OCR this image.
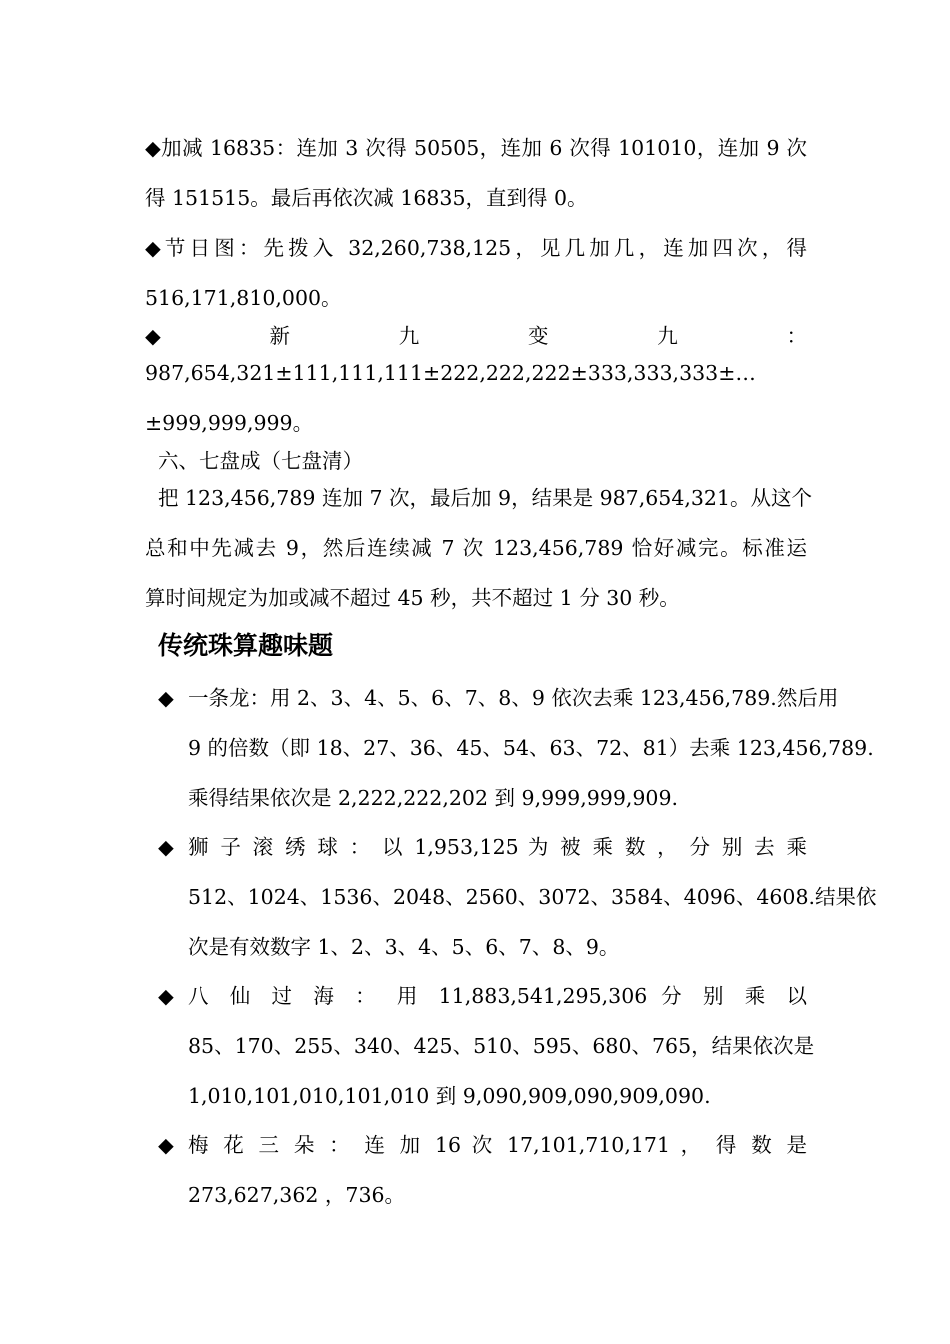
◆加减 16835：连加 3 次得 50505，连加 6 次得 101010，连加 9 次
得 151515。最后再依次减 16835，直到得 0。
◆节日图：先拨入 32,260,738,125，见几加几，连加四次，得
516,171,810,000。
◆ 新 九 变 九 ：
987,654,321±111,111,111±222,222,222±333,333,333±…
±999,999,999。
六、七盘成（七盘清）
把 123,456,789 连加 7 次，最后加 9，结果是 987,654,321。从这个
总和中先减去 9，然后连续减 7 次 123,456,789 恰好减完。标准运
算时间规定为加或减不超过 45 秒，共不超过 1 分 30 秒。
传统珠算趣味题
◆ 一条龙：用 2、3、4、5、6、7、8、9 依次去乘 123,456,789.然后用
9 的倍数（即 18、27、36、45、54、63、72、81）去乘 123,456,789.
乘得结果依次是 2,222,222,202 到 9,999,999,909.
◆ 狮 子 滚 绣 球 ： 以 1,953,125 为 被 乘 数 ， 分 别 去 乘
512、1024、1536、2048、2560、3072、3584、4096、4608.结果依
次是有效数字 1、2、3、4、5、6、7、8、9。
◆ 八 仙 过 海 ： 用 11,883,541,295,306 分 别 乘 以
85、170、255、340、425、510、595、680、765，结果依次是
1,010,101,010,101,010 到 9,090,909,090,909,090.
◆ 梅 花 三 朵 ： 连 加 16 次 17,101,710,171 ， 得 数 是
273,627,362 ，736。
